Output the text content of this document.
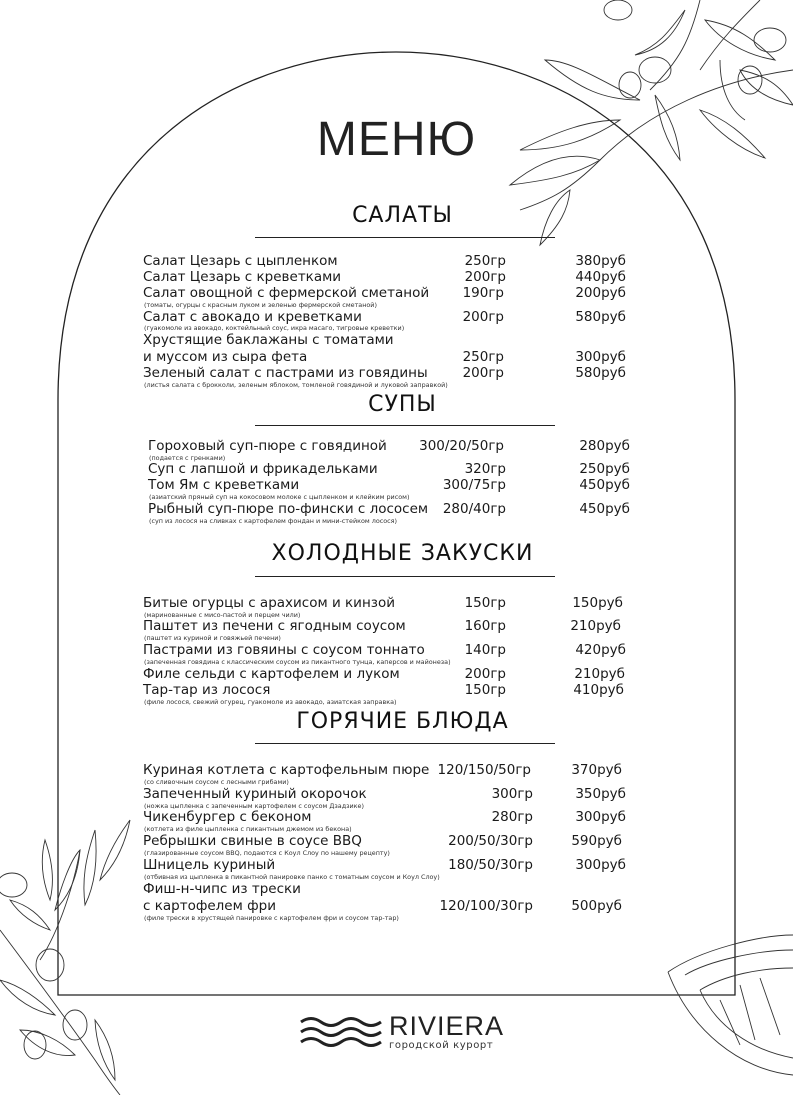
МЕНЮ
САЛАТЫ
Салат Цезарь с цыпленком	250гр	380руб
Салат Цезарь с креветками	200гр	440руб
Салат овощной с фермерской сметаной 190гр	200руб
(томаты, огурцы с красным луком и зеленью фермерской сметаной)
Салат с авокадо и креветками	200гр	580руб
(гуакомоле из авокадо, коктейльный соус, икра масаго, тигровые креветки)
Хрустящие баклажаны с томатами
и муссом из сыра фета	250гр	300руб
Зеленый салат с пастрами из говядины	200гр	580руб
(листья салата с брокколи, зеленым яблоком, томленой говядиной и луковой заправкой)
СУПЫ
Гороховый суп-пюре с говядиной 300/20/50гр	280руб
(подается с гренками)
Суп с лапшой и фрикадельками	320гр	250руб
Том Ям с креветками	300/75гр	450руб
(азиатский пряный суп на кокосовом молоке с цыпленком и клейким рисом)
Рыбный суп-пюре по-фински с лососем 280/40гр	450руб
(суп из лосося на сливках с картофелем фондан и мини-стейком лосося)
ХОЛОДНЫЕ ЗАКУСКИ
Битые огурцы с арахисом и кинзой	150гр	150руб
(маринованные с мисо-пастой и перцем чили)
Паштет из печени с ягодным соусом	160гр	210руб
(паштет из куриной и говяжьей печени)
Пастрами из говяины с соусом тоннато	140гр	420руб
(запеченная говядина с классическим соусом из пикантного тунца, каперсов и майонеза)
Филе сельди с картофелем и луком	200гр	210руб
Тар-тар из лосося	150гр	410руб
(филе лосося, свежий огурец, гуакомоле из авокадо, азиатская заправка)
ГОРЯЧИЕ БЛЮДА
Куриная котлета с картофельным пюре 120/150/50гр	370руб
(со сливочным соусом с лесными грибами)
Запеченный куриный окорочок	300гр	350руб
(ножка цыпленка с запеченным картофелем с соусом Дзадзике)
Чикенбургер с беконом	280гр	300руб
(котлета из филе цыпленка с пикантным джемом из бекона)
Ребрышки свиные в соусе BBQ	200/50/30гр	590руб
(глазированные соусом BBQ, подаются с Коул Слоу по нашему рецепту)
Шницель куриный	180/50/30гр	300руб
(отбивная из цыпленка в пикантной панировке панко с томатным соусом и Коул Слоу)
Фиш-н-чипс из трески
с картофелем фри	120/100/30гр	500руб
(филе трески в хрустящей панировке с картофелем фри и соусом тар-тар)
RIVIERA
городской курорт
